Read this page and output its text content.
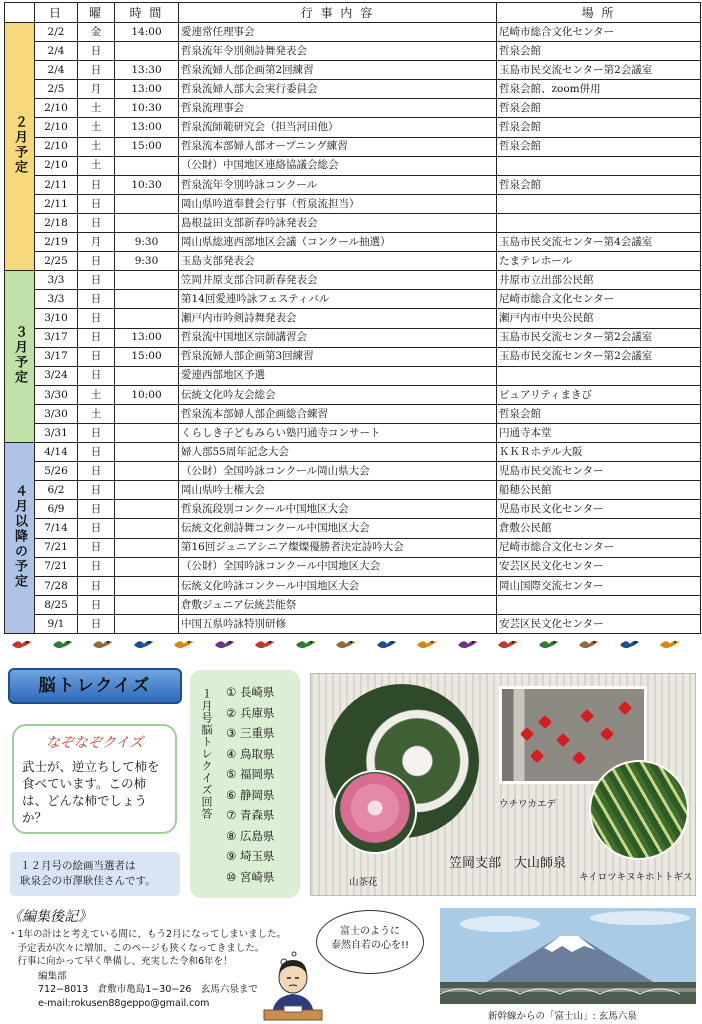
	日	曜	時 間	行 事 内 容	場 所
２月予定	2/2	金	14:00	愛連常任理事会	尼崎市総合文化センター
	2/4	日		哲泉流年令別剣詩舞発表会	哲泉会館
	2/4	日	13:30	哲泉流婦人部企画第2回練習	玉島市民交流センター第2会議室
	2/5	月	13:00	哲泉流婦人部大会実行委員会	哲泉会館、zoom併用
	2/10	土	10:30	哲泉流理事会	哲泉会館
	2/10	土	13:00	哲泉流師範研究会（担当河田他）	哲泉会館
	2/10	土	15:00	哲泉流本部婦人部オープニング練習	哲泉会館
	2/10	土		（公財）中国地区連絡協議会総会	
	2/11	日	10:30	哲泉流年令別吟詠コンクール	哲泉会館
	2/11	日		岡山県吟道奉賛会行事（哲泉流担当）	
	2/18	日		島根益田支部新春吟詠発表会	
	2/19	月	9:30	岡山県総連西部地区会議（コンクール抽選）	玉島市民交流センター第4会議室
	2/25	日	9:30	玉島支部発表会	たまテレホール
３月予定	3/3	日		笠岡井原支部合同新春発表会	井原市立出部公民館
	3/3	日		第14回愛連吟詠フェスティバル	尼崎市総合文化センター
	3/10	日		瀬戸内市吟剣詩舞発表会	瀬戸内市中央公民館
	3/17	日	13:00	哲泉流中国地区宗師講習会	玉島市民交流センター第2会議室
	3/17	日	15:00	哲泉流婦人部企画第3回練習	玉島市民交流センター第2会議室
	3/24	日		愛連西部地区予選	
	3/30	土	10:00	伝統文化吟友会総会	ピュアリティまきび
	3/30	土		哲泉流本部婦人部企画総合練習	哲泉会館
	3/31	日		くらしき子どもみらい塾円通寺コンサート	円通寺本堂
４月以降の予定	4/14	日		婦人部55周年記念大会	ＫＫＲホテル大阪
	5/26	日		（公財）全国吟詠コンクール岡山県大会	児島市民交流センター
	6/2	日		岡山県吟士権大会	船穂公民館
	6/9	日		哲泉流段別コンクール中国地区大会	児島市民文化センター
	7/14	日		伝統文化剣詩舞コンクール中国地区大会	倉敷公民館
	7/21	日		第16回ジュニアシニア燦燦優勝者決定詩吟大会	尼崎市総合文化センター
	7/21	日		（公財）全国吟詠コンクール中国地区大会	安芸区民文化センター
	7/28	日		伝統文化吟詠コンクール中国地区大会	岡山国際交流センター
	8/25	日		倉敷ジュニア伝統芸能祭	
	9/1	日		中国五県吟詠特別研修	安芸区民文化センター
脳トレクイズ
なぞなぞクイズ
武士が、逆立ちして柿を食べています。この柿は、どんな柿でしょうか？
１２月号の絵画当選者は
耿泉会の市澤耿佳さんです。
１月号脳トレクイズ回答 ① 長崎県
② 兵庫県
③ 三重県
④ 鳥取県
⑤ 福岡県
⑥ 静岡県
⑦ 青森県
⑧ 広島県
⑨ 埼玉県
⑩ 宮崎県
ウチワカエデ
山茶花	キイロツキヌキホトトギス
笠岡支部　大山師泉
《編集後記》
・1年の計はと考えている間に、もう2月になってしまいました。
　予定表が次々に増加、このページも狭くなってきました。
　行事に向かって早く準備し、充実した令和6年を！
編集部
712−8013　倉敷市亀島1−30−26　玄馬六泉まで
e-mail:rokusen88geppo@gmail.com
富士のように
泰然自若の心を!!
新幹線からの「富士山」: 玄馬六泉
